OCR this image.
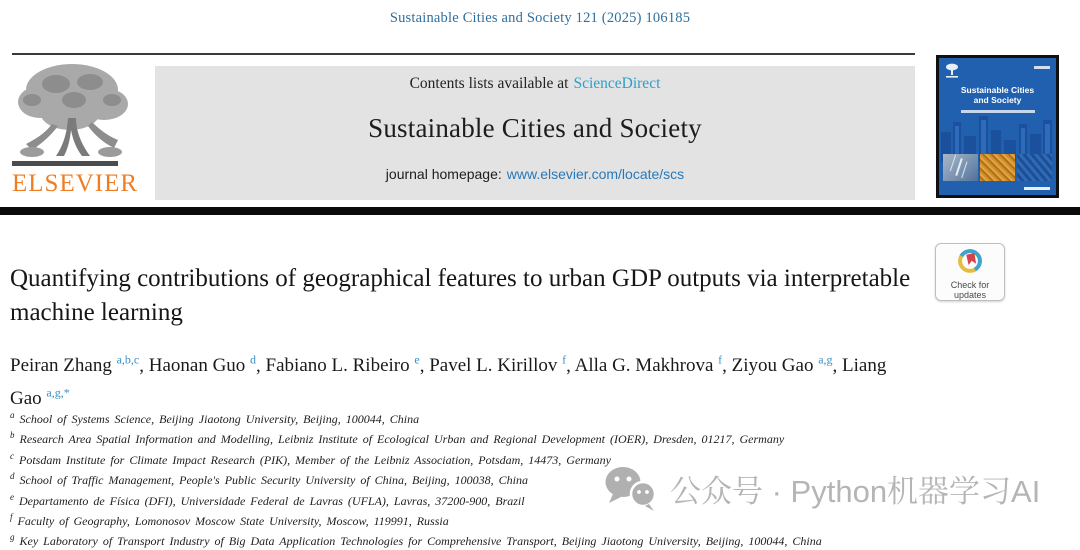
Sustainable Cities and Society 121 (2025) 106185
ELSEVIER
Contents lists available at ScienceDirect
Sustainable Cities and Society
journal homepage: www.elsevier.com/locate/scs
Sustainable Cities
and Society
Quantifying contributions of geographical features to urban GDP outputs via interpretable machine learning
Check for
updates
Peiran Zhang $^{a,b,c}$, Haonan Guo $^d$, Fabiano L. Ribeiro $^e$, Pavel L. Kirillov $^f$, Alla G. Makhrova $^f$, Ziyou Gao $^{a,g}$, Liang Gao $^{a,g,*}$
$^a$ School of Systems Science, Beijing Jiaotong University, Beijing, 100044, China
$^b$ Research Area Spatial Information and Modelling, Leibniz Institute of Ecological Urban and Regional Development (IOER), Dresden, 01217, Germany
$^c$ Potsdam Institute for Climate Impact Research (PIK), Member of the Leibniz Association, Potsdam, 14473, Germany
$^d$ School of Traffic Management, People's Public Security University of China, Beijing, 100038, China
$^e$ Departamento de Física (DFI), Universidade Federal de Lavras (UFLA), Lavras, 37200-900, Brazil
$^f$ Faculty of Geography, Lomonosov Moscow State University, Moscow, 119991, Russia
$^g$ Key Laboratory of Transport Industry of Big Data Application Technologies for Comprehensive Transport, Beijing Jiaotong University, Beijing, 100044, China
公众号 · Python机器学习AI
